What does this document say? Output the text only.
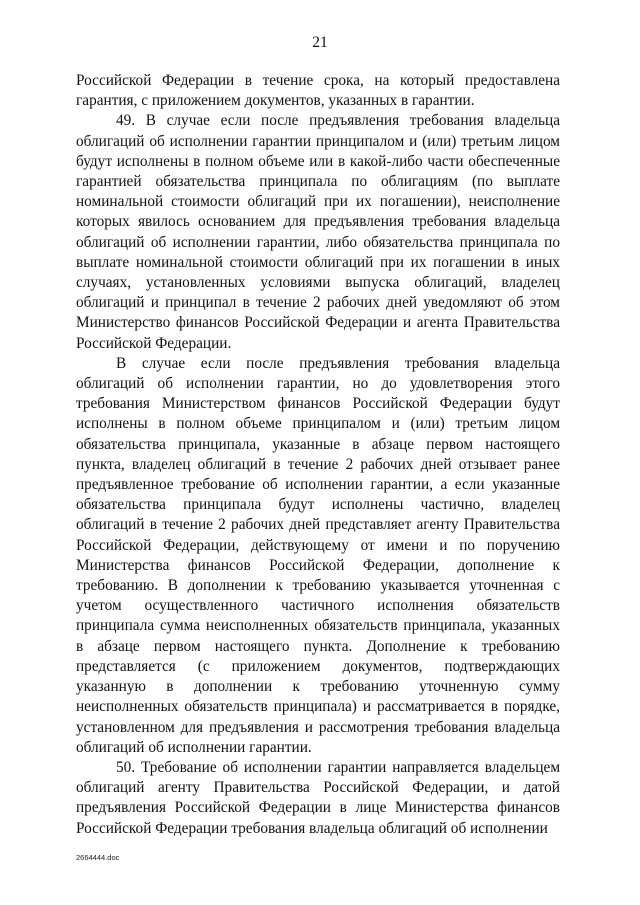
21

Российской Федерации в течение срока, на который предоставлена гарантия, с приложением документов, указанных в гарантии.

49. В случае если после предъявления требования владельца облигаций об исполнении гарантии принципалом и (или) третьим лицом будут исполнены в полном объеме или в какой-либо части обеспеченные гарантией обязательства принципала по облигациям (по выплате номинальной стоимости облигаций при их погашении), неисполнение которых явилось основанием для предъявления требования владельца облигаций об исполнении гарантии, либо обязательства принципала по выплате номинальной стоимости облигаций при их погашении в иных случаях, установленных условиями выпуска облигаций, владелец облигаций и принципал в течение 2 рабочих дней уведомляют об этом Министерство финансов Российской Федерации и агента Правительства Российской Федерации.

В случае если после предъявления требования владельца облигаций об исполнении гарантии, но до удовлетворения этого требования Министерством финансов Российской Федерации будут исполнены в полном объеме принципалом и (или) третьим лицом обязательства принципала, указанные в абзаце первом настоящего пункта, владелец облигаций в течение 2 рабочих дней отзывает ранее предъявленное требование об исполнении гарантии, а если указанные обязательства принципала будут исполнены частично, владелец облигаций в течение 2 рабочих дней представляет агенту Правительства Российской Федерации, действующему от имени и по поручению Министерства финансов Российской Федерации, дополнение к требованию. В дополнении к требованию указывается уточненная с учетом осуществленного частичного исполнения обязательств принципала сумма неисполненных обязательств принципала, указанных в абзаце первом настоящего пункта. Дополнение к требованию представляется (с приложением документов, подтверждающих указанную в дополнении к требованию уточненную сумму неисполненных обязательств принципала) и рассматривается в порядке, установленном для предъявления и рассмотрения требования владельца облигаций об исполнении гарантии.

50. Требование об исполнении гарантии направляется владельцем облигаций агенту Правительства Российской Федерации, и датой предъявления Российской Федерации в лице Министерства финансов Российской Федерации требования владельца облигаций об исполнении

2664444.doc
